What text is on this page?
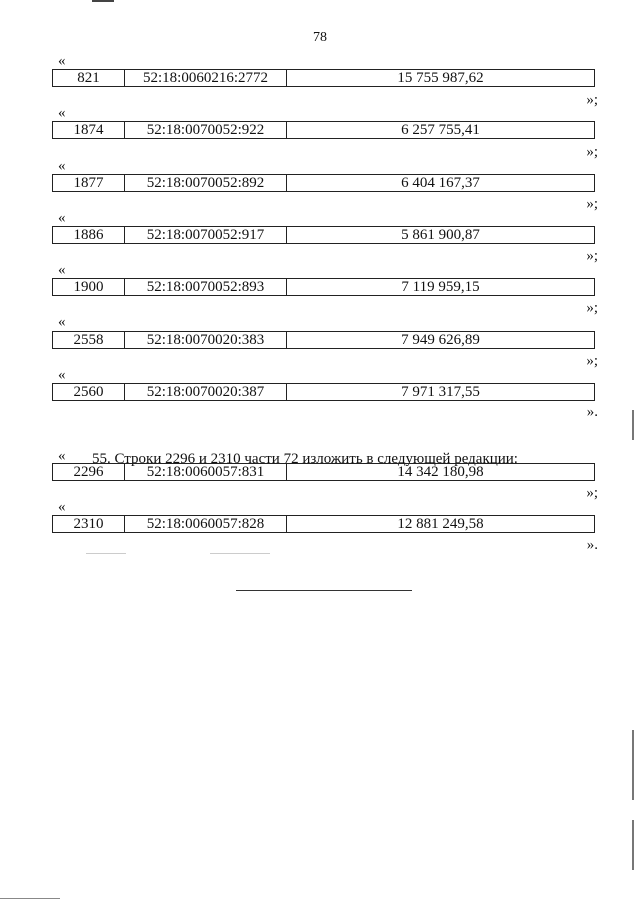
78
«
821	52:18:0060216:2772	15 755 987,62
»;
«
1874	52:18:0070052:922	6 257 755,41
»;
«
1877	52:18:0070052:892	6 404 167,37
»;
«
1886	52:18:0070052:917	5 861 900,87
»;
«
1900	52:18:0070052:893	7 119 959,15
»;
«
2558	52:18:0070020:383	7 949 626,89
»;
«
2560	52:18:0070020:387	7 971 317,55
».
55. Строки 2296 и 2310 части 72 изложить в следующей редакции:
«
2296	52:18:0060057:831	14 342 180,98
»;
«
2310	52:18:0060057:828	12 881 249,58
».
